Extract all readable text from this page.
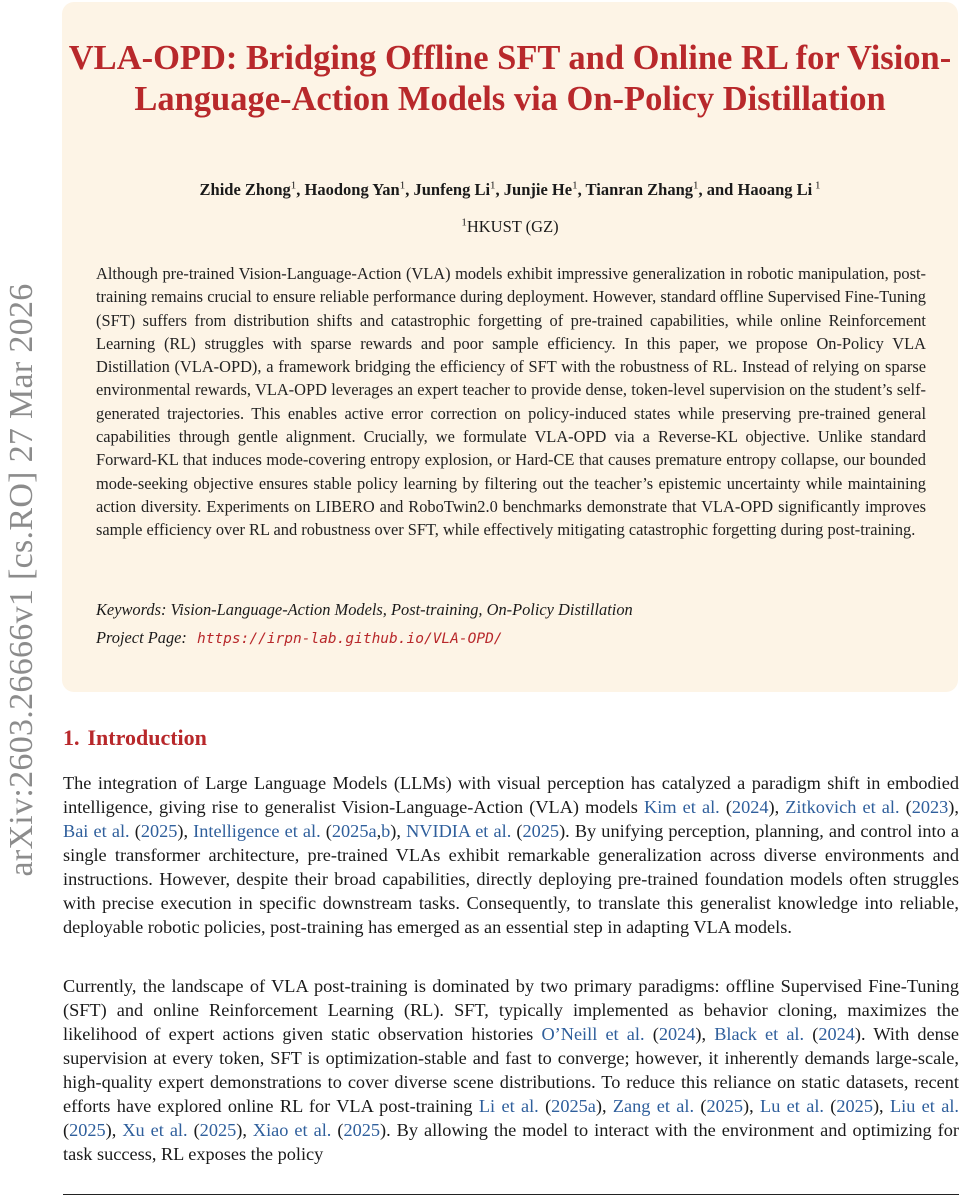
arXiv:2603.26666v1 [cs.RO] 27 Mar 2026
VLA-OPD: Bridging Offline SFT and Online RL for Vision-Language-Action Models via On-Policy Distillation
Zhide Zhong$^1$, Haodong Yan$^1$, Junfeng Li$^1$, Junjie He$^1$, Tianran Zhang$^1$, and Haoang Li $^1$
$^1$HKUST (GZ)

Although pre-trained Vision-Language-Action (VLA) models exhibit impressive generalization in robotic manipulation, post-training remains crucial to ensure reliable performance during deployment. However, standard offline Supervised Fine-Tuning (SFT) suffers from distribution shifts and catastrophic forgetting of pre-trained capabilities, while online Reinforcement Learning (RL) struggles with sparse rewards and poor sample efficiency. In this paper, we propose On-Policy VLA Distillation (VLA-OPD), a framework bridging the efficiency of SFT with the robustness of RL. Instead of relying on sparse environmental rewards, VLA-OPD leverages an expert teacher to provide dense, token-level supervision on the student’s self-generated trajectories. This enables active error correction on policy-induced states while preserving pre-trained general capabilities through gentle alignment. Crucially, we formulate VLA-OPD via a Reverse-KL objective. Unlike standard Forward-KL that induces mode-covering entropy explosion, or Hard-CE that causes premature entropy collapse, our bounded mode-seeking objective ensures stable policy learning by filtering out the teacher’s epistemic uncertainty while maintaining action diversity. Experiments on LIBERO and RoboTwin2.0 benchmarks demonstrate that VLA-OPD significantly improves sample efficiency over RL and robustness over SFT, while effectively mitigating catastrophic forgetting during post-training.

Keywords: Vision-Language-Action Models, Post-training, On-Policy Distillation

Project Page: https://irpn-lab.github.io/VLA-OPD/

1. Introduction

The integration of Large Language Models (LLMs) with visual perception has catalyzed a paradigm shift in embodied intelligence, giving rise to generalist Vision-Language-Action (VLA) models Kim et al. (2024), Zitkovich et al. (2023), Bai et al. (2025), Intelligence et al. (2025a,b), NVIDIA et al. (2025). By unifying perception, planning, and control into a single transformer architecture, pre-trained VLAs exhibit remarkable generalization across diverse environments and instructions. However, despite their broad capabilities, directly deploying pre-trained foundation models often struggles with precise execution in specific downstream tasks. Consequently, to translate this generalist knowledge into reliable, deployable robotic policies, post-training has emerged as an essential step in adapting VLA models.

Currently, the landscape of VLA post-training is dominated by two primary paradigms: offline Supervised Fine-Tuning (SFT) and online Reinforcement Learning (RL). SFT, typically implemented as behavior cloning, maximizes the likelihood of expert actions given static observation histories O’Neill et al. (2024), Black et al. (2024). With dense supervision at every token, SFT is optimization-stable and fast to converge; however, it inherently demands large-scale, high-quality expert demonstrations to cover diverse scene distributions. To reduce this reliance on static datasets, recent efforts have explored online RL for VLA post-training Li et al. (2025a), Zang et al. (2025), Lu et al. (2025), Liu et al. (2025), Xu et al. (2025), Xiao et al. (2025). By allowing the model to interact with the environment and optimizing for task success, RL exposes the policy
